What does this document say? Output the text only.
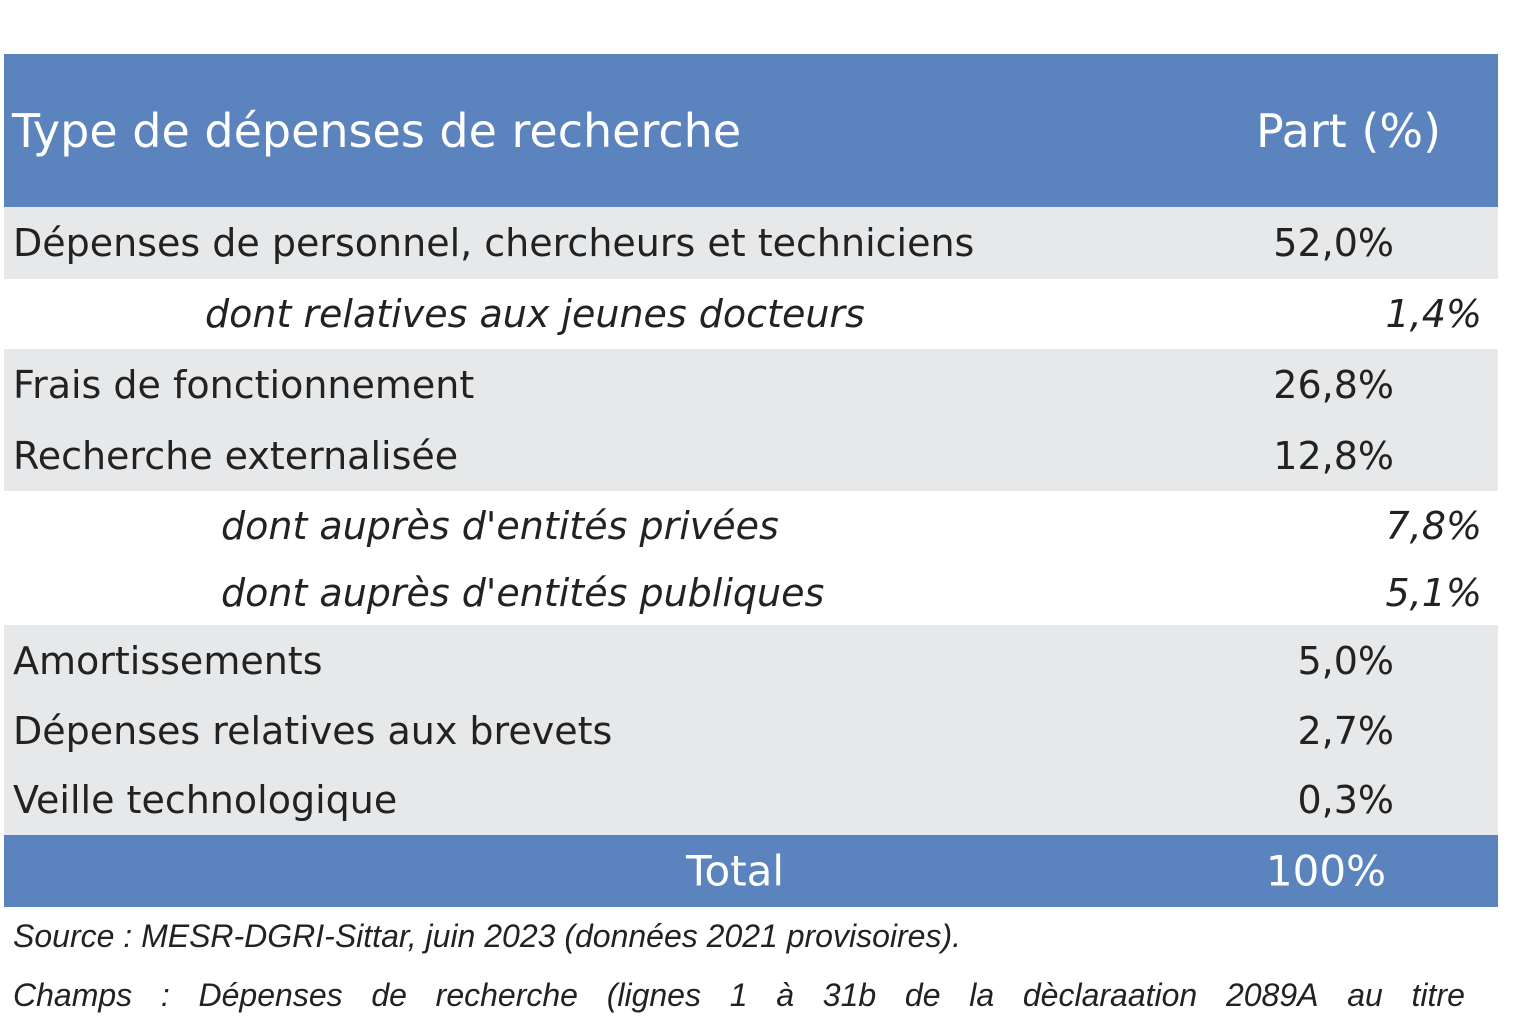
Type de dépenses de recherche	Part (%)
Dépenses de personnel, chercheurs et techniciens	52,0%
dont relatives aux jeunes docteurs	1,4%
Frais de fonctionnement	26,8%
Recherche externalisée	12,8%
dont auprès d'entités privées	7,8%
dont auprès d'entités publiques	5,1%
Amortissements	5,0%
Dépenses relatives aux brevets	2,7%
Veille technologique	0,3%
Total	100%
Source : MESR-DGRI-Sittar, juin 2023 (données 2021 provisoires).
Champs : Dépenses de recherche (lignes 1 à 31b de la dèclaraation 2089A au titre
